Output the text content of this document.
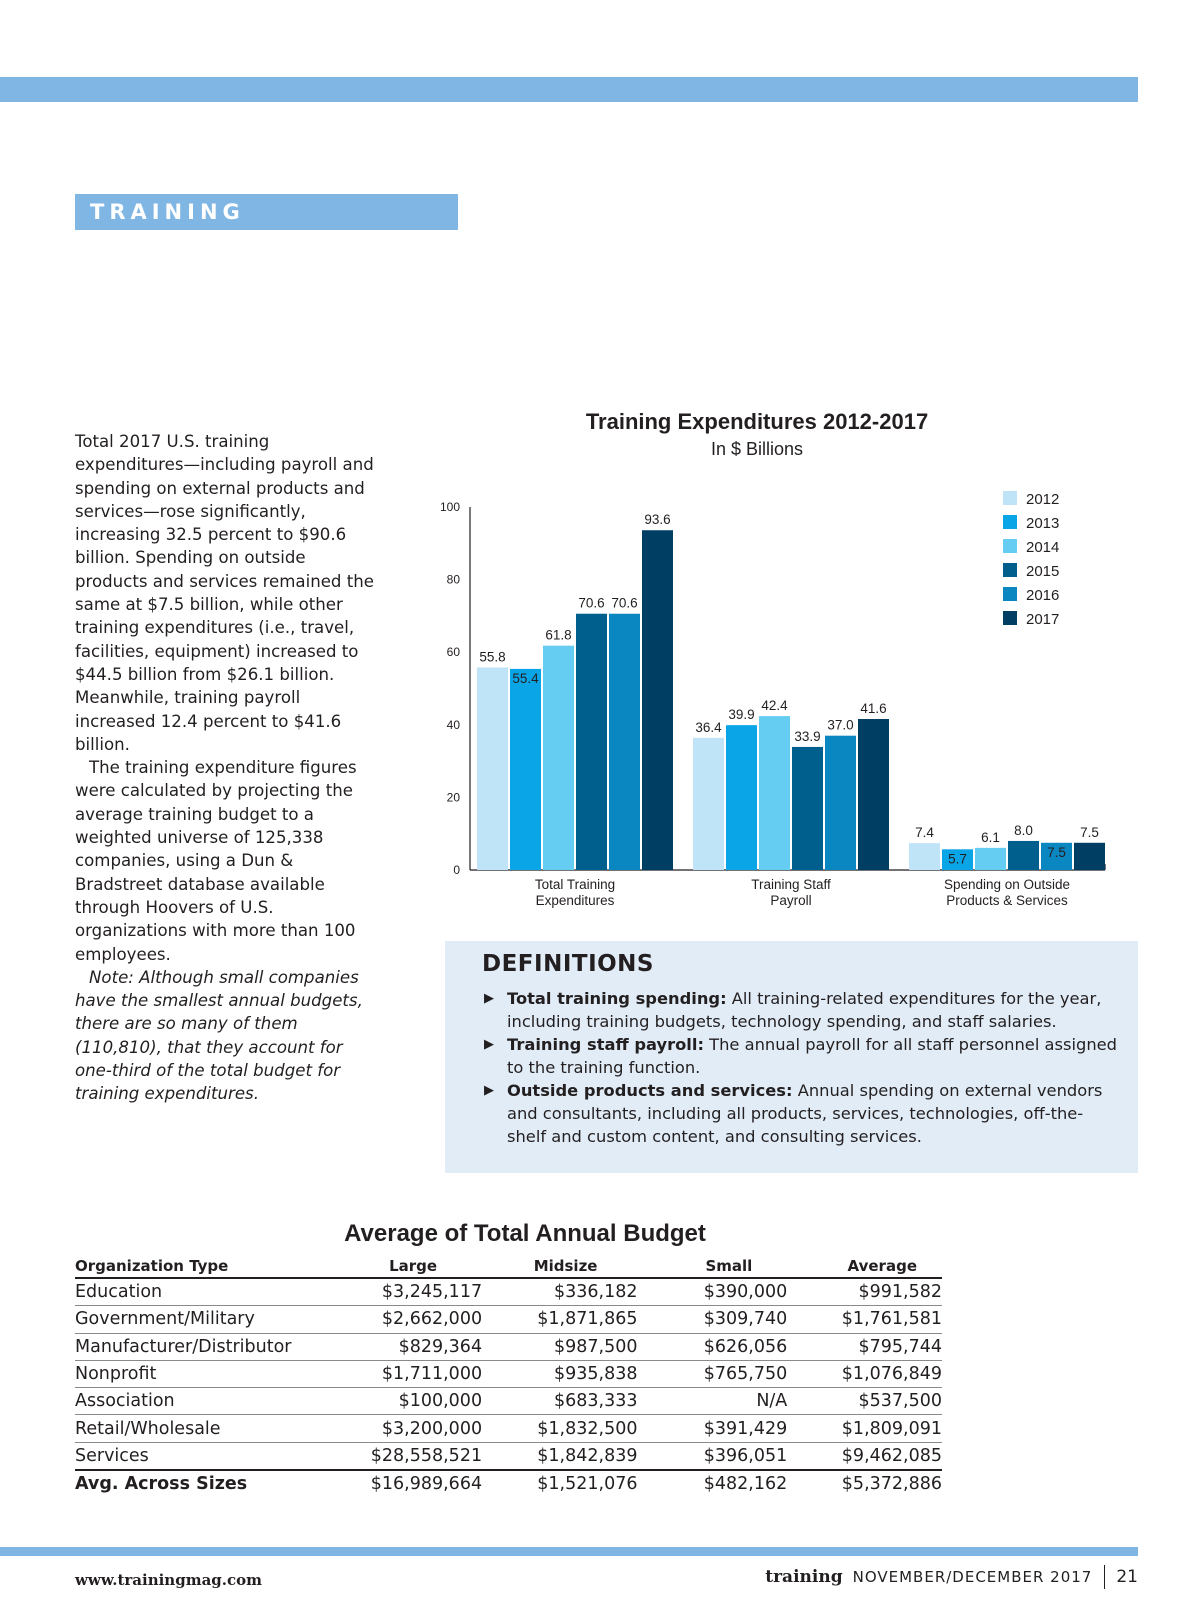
TRAINING EXPENDITURES

Total 2017 U.S. training expenditures—including payroll and spending on external products and services—rose significantly, increasing 32.5 percent to $90.6 billion. Spending on outside products and services remained the same at $7.5 billion, while other training expenditures (i.e., travel, facilities, equipment) increased to $44.5 billion from $26.1 billion. Meanwhile, training payroll increased 12.4 percent to $41.6 billion.

The training expenditure figures were calculated by projecting the average training budget to a weighted universe of 125,338 companies, using a Dun & Bradstreet database available through Hoovers of U.S. organizations with more than 100 employees.

Note: Although small companies have the smallest annual budgets, there are so many of them (110,810), that they account for one-third of the total budget for training expenditures.

Training Expenditures 2012-2017
In $ Billions
0
20
40
60
80
100
Total Training
Expenditures
Training Staff
Payroll
Spending on Outside
Products & Services
55.8
55.4
61.8
70.6 70.6
93.6
36.4
39.9
42.4
33.9
37.0
41.6
7.4
5.7
6.1 8.0
7.5
7.5
2012
2013
2014
2015
2016
2017
DEFINITIONS
▶ Total training spending: All training-related expenditures for the year, including training budgets, technology spending, and staff salaries.
▶ Training staff payroll: The annual payroll for all staff personnel assigned to the training function.
▶ Outside products and services: Annual spending on external vendors and consultants, including all products, services, technologies, off-the-shelf and custom content, and consulting services.
Average of Total Annual Budget
Organization Type	Large	Midsize	Small	Average
Education	$3,245,117	$336,182	$390,000	$991,582
Government/Military	$2,662,000	$1,871,865	$309,740	$1,761,581
Manufacturer/Distributor	$829,364	$987,500	$626,056	$795,744
Nonprofit	$1,711,000	$935,838	$765,750	$1,076,849
Association	$100,000	$683,333	N/A	$537,500
Retail/Wholesale	$3,200,000	$1,832,500	$391,429	$1,809,091
Services	$28,558,521	$1,842,839	$396,051	$9,462,085
Avg. Across Sizes	$16,989,664	$1,521,076	$482,162	$5,372,886
www.trainingmag.com	training NOVEMBER/DECEMBER 2017 21
